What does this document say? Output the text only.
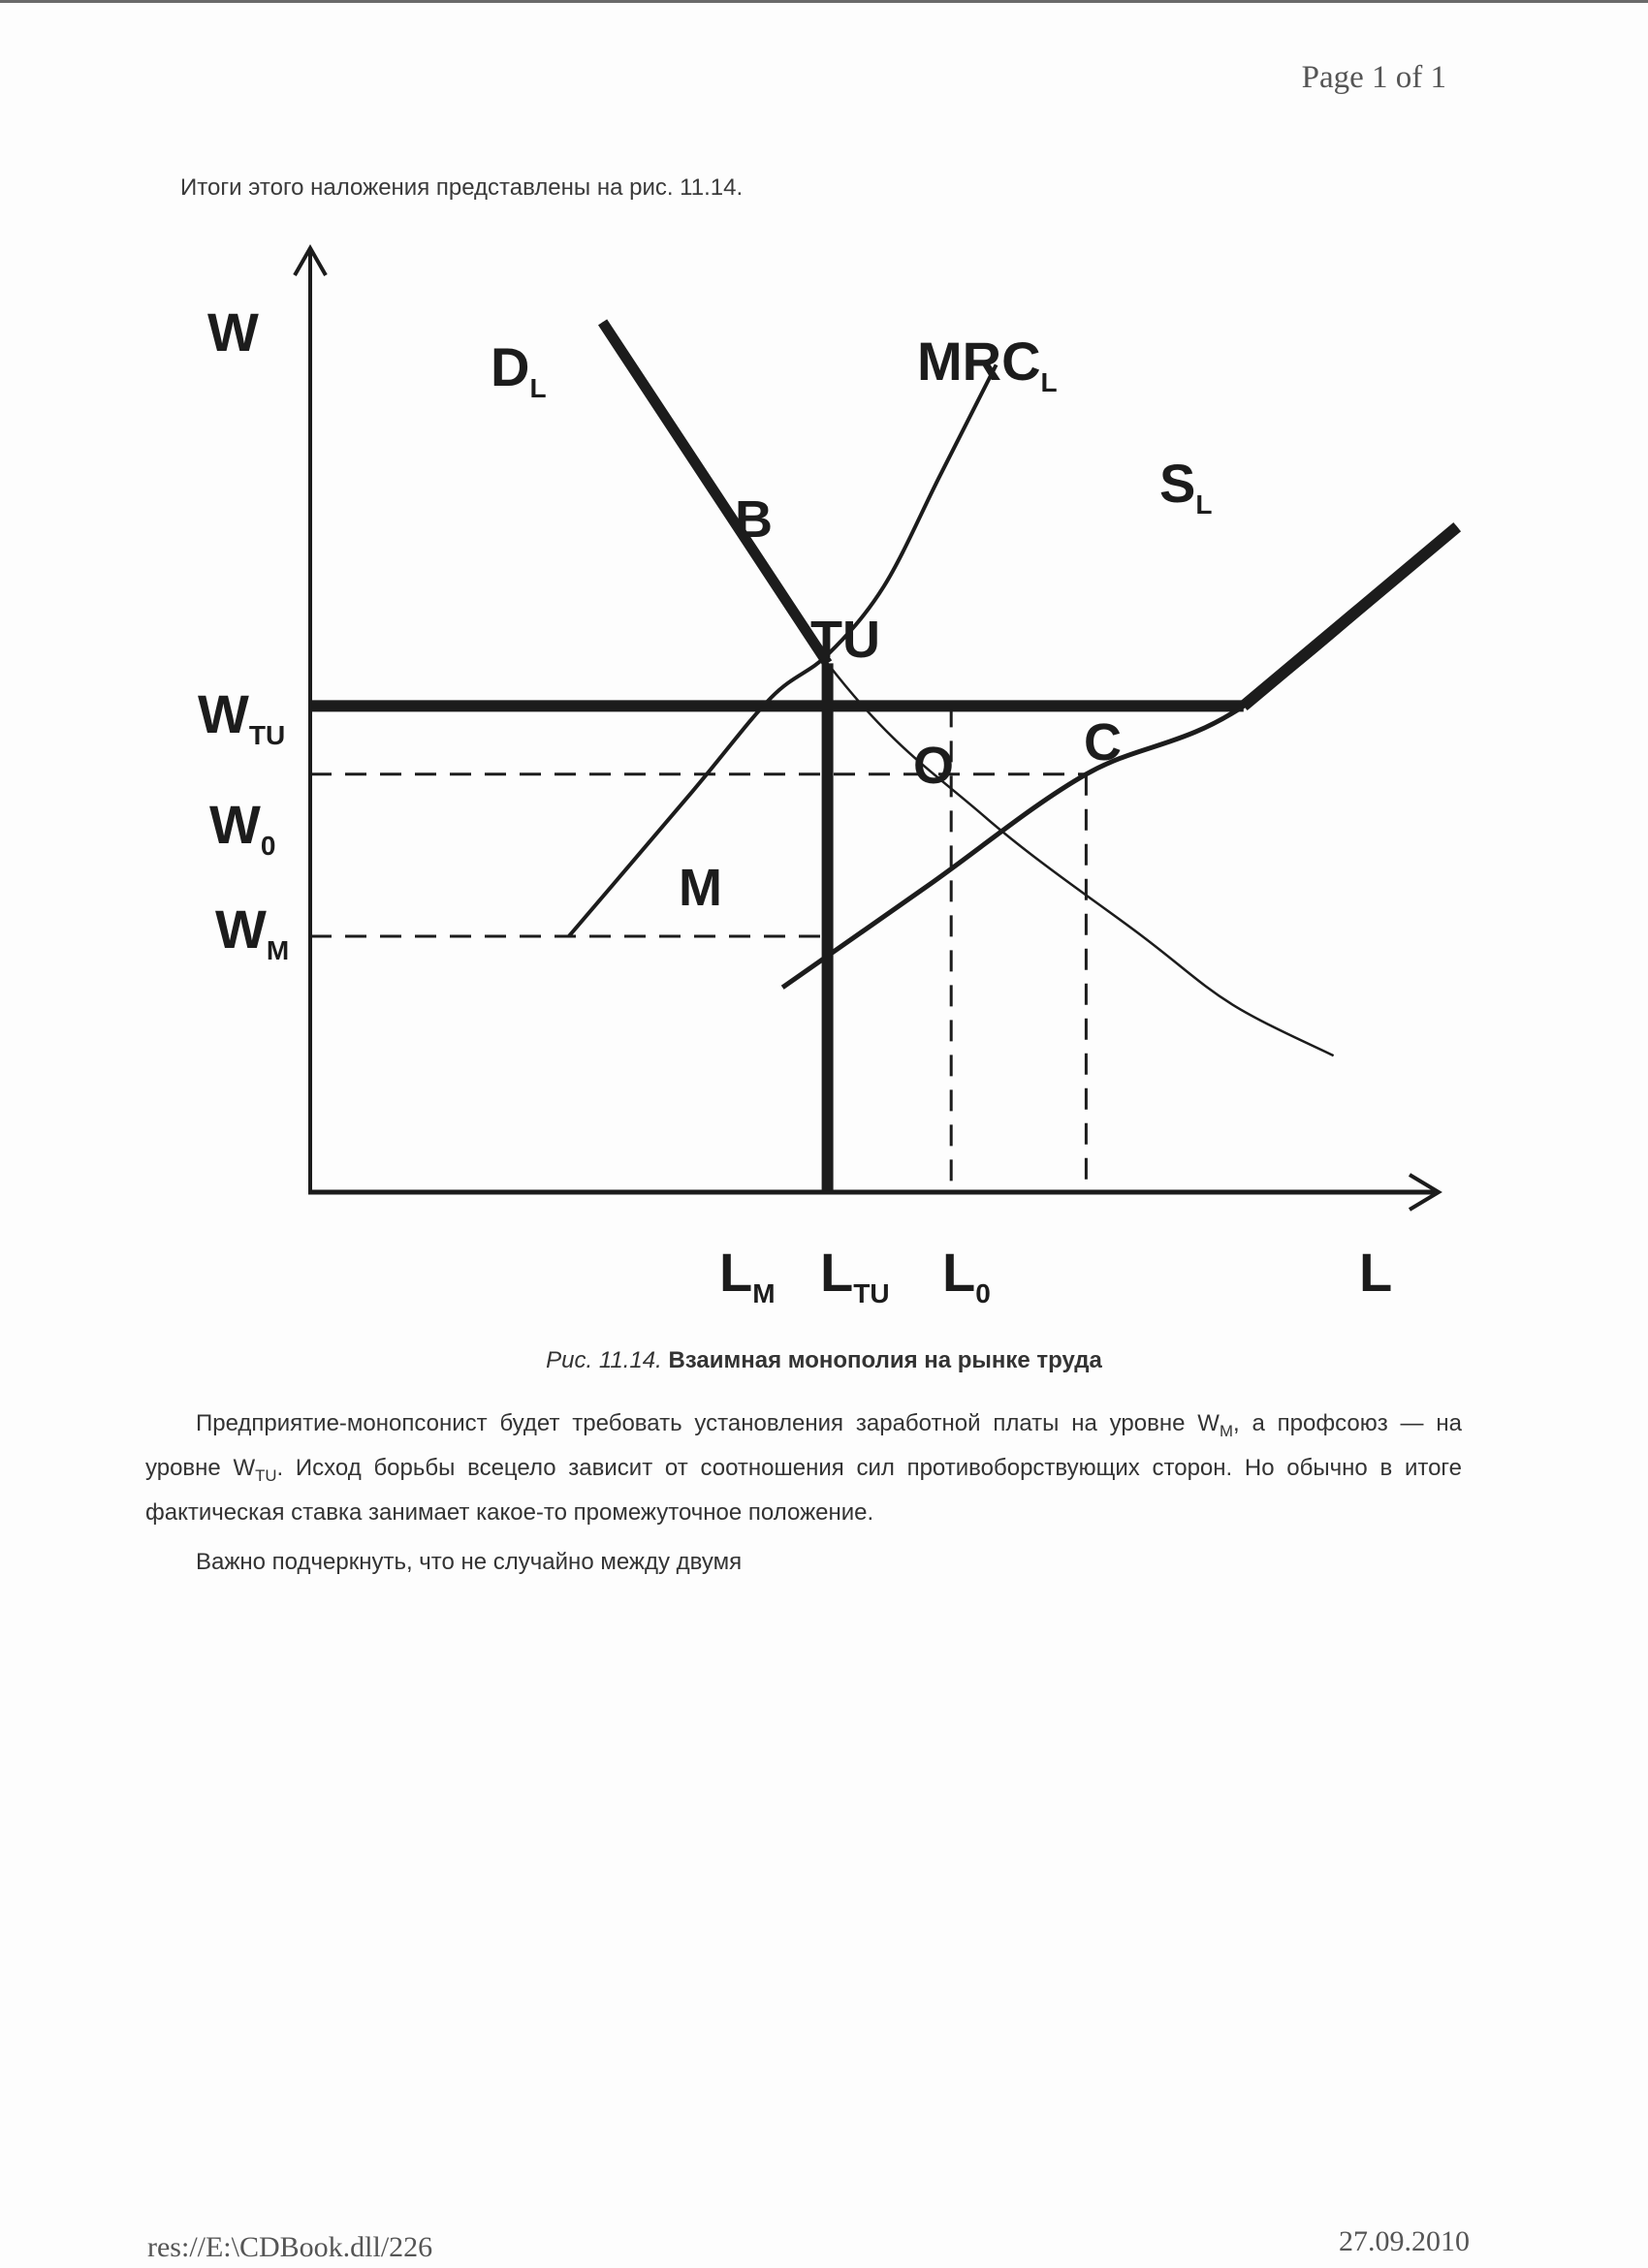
Page 1 of 1
Итоги этого наложения представлены на рис. 11.14.
$D_L$	$MRC_L$
$S_L$
B
TU
C
O
M
$W_{TU}$
$W_0$
$W_M$
$L_M$ $L_{TU}$ $L_0$
W
L
Рис. 11.14. Взаимная монополия на рынке труда

Предприятие-монопсонист будет требовать установления заработной платы на уровне $W_M$, а профсоюз — на уровне $W_{TU}$. Исход борьбы всецело зависит от соотношения сил противоборствующих сторон. Но обычно в итоге фактическая ставка занимает какое-то промежуточное положение.

Важно подчеркнуть, что не случайно между двумя
res://E:\CDBook.dll/226	27.09.2010
